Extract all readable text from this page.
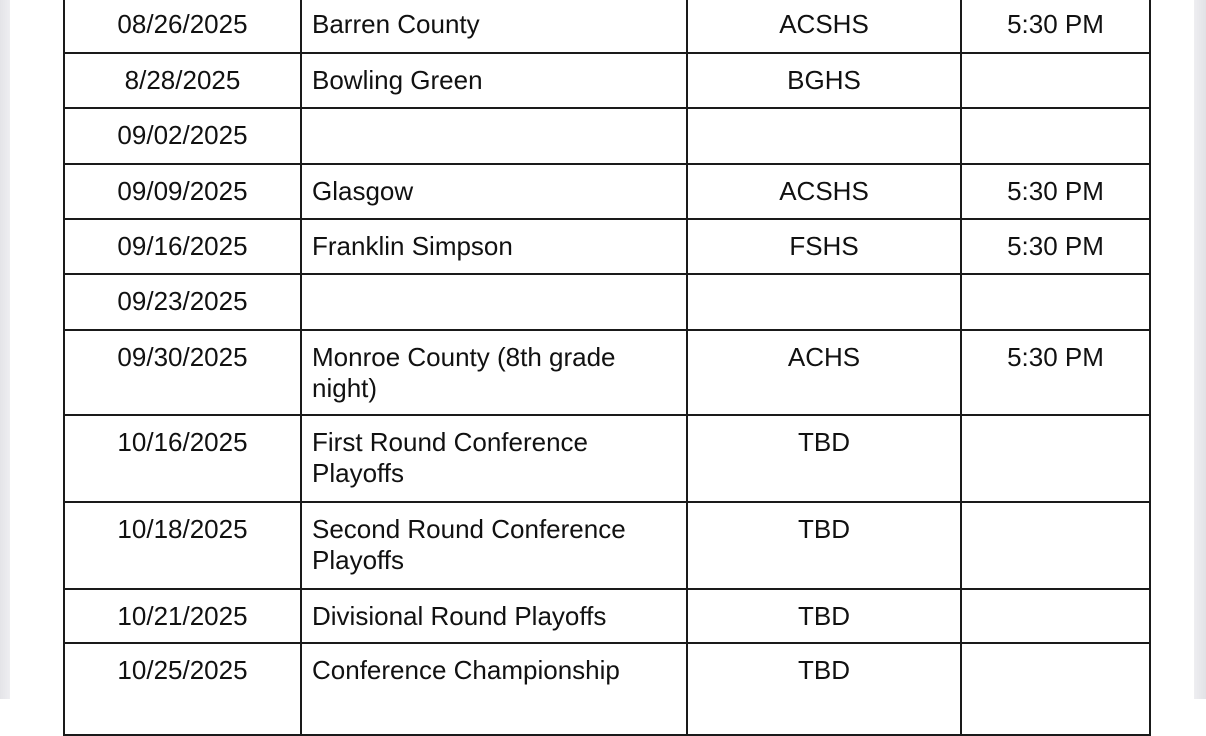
08/26/2025	Barren County	ACSHS	5:30 PM
8/28/2025	Bowling Green	BGHS	
09/02/2025			
09/09/2025	Glasgow	ACSHS	5:30 PM
09/16/2025	Franklin Simpson	FSHS	5:30 PM
09/23/2025			
09/30/2025	Monroe County (8th grade night)	ACHS	5:30 PM
10/16/2025	First Round Conference Playoffs	TBD	
10/18/2025	Second Round Conference Playoffs	TBD	
10/21/2025	Divisional Round Playoffs	TBD	
10/25/2025	Conference Championship	TBD	
